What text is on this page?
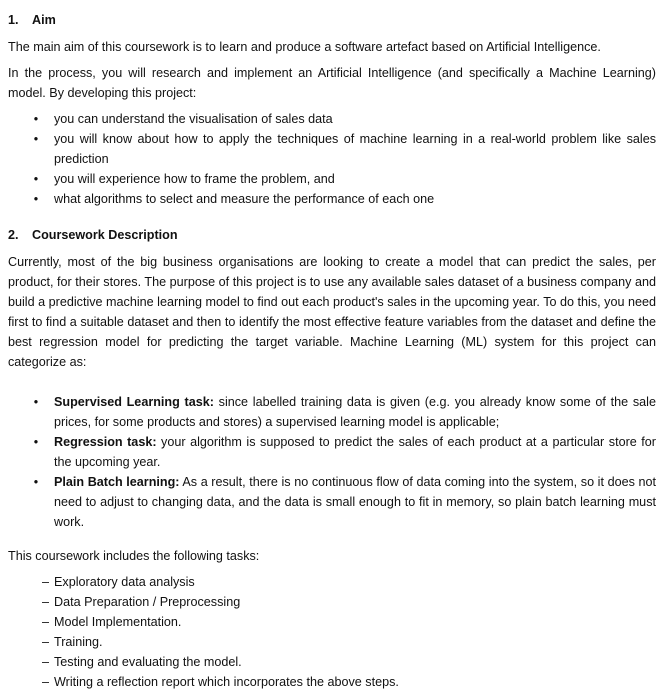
1. Aim

The main aim of this coursework is to learn and produce a software artefact based on Artificial Intelligence.

In the process, you will research and implement an Artificial Intelligence (and specifically a Machine Learning) model. By developing this project:

•	you can understand the visualisation of sales data
•	you will know about how to apply the techniques of machine learning in a real-world problem like sales prediction
•	you will experience how to frame the problem, and
•	what algorithms to select and measure the performance of each one
2. Coursework Description

Currently, most of the big business organisations are looking to create a model that can predict the sales, per product, for their stores. The purpose of this project is to use any available sales dataset of a business company and build a predictive machine learning model to find out each product's sales in the upcoming year. To do this, you need first to find a suitable dataset and then to identify the most effective feature variables from the dataset and define the best regression model for predicting the target variable. Machine Learning (ML) system for this project can categorize as:

•	Supervised Learning task: since labelled training data is given (e.g. you already know some of the sale prices, for some products and stores) a supervised learning model is applicable;
•	Regression task: your algorithm is supposed to predict the sales of each product at a particular store for the upcoming year.
•	Plain Batch learning: As a result, there is no continuous flow of data coming into the system, so it does not need to adjust to changing data, and the data is small enough to fit in memory, so plain batch learning must work.

This coursework includes the following tasks:

– Exploratory data analysis
– Data Preparation / Preprocessing
– Model Implementation.
– Training.
– Testing and evaluating the model.
– Writing a reflection report which incorporates the above steps.
